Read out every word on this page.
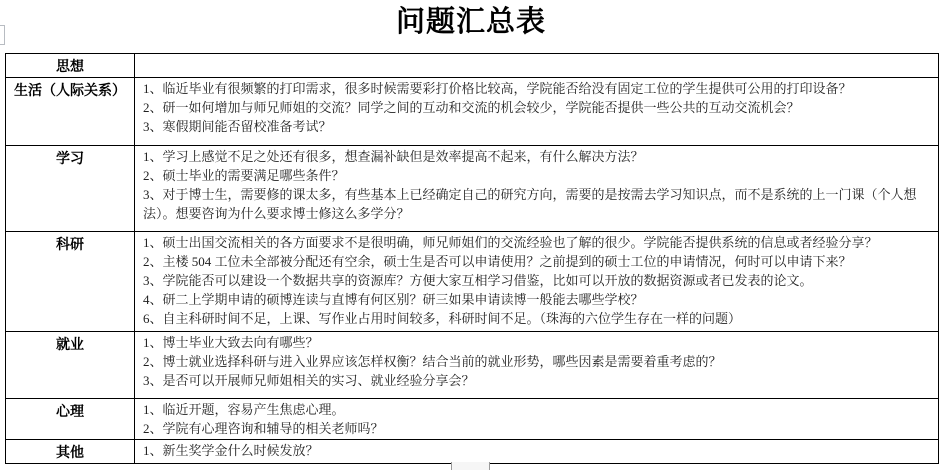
问题汇总表
思想	
生活（人际关系）	1、临近毕业有很频繁的打印需求，很多时候需要彩打价格比较高，学院能否给没有固定工位的学生提供可公用的打印设备？
2、研一如何增加与师兄师姐的交流？同学之间的互动和交流的机会较少，学院能否提供一些公共的互动交流机会？
3、寒假期间能否留校准备考试？

学习	1、学习上感觉不足之处还有很多，想查漏补缺但是效率提高不起来，有什么解决方法？
2、硕士毕业的需要满足哪些条件？
3、对于博士生，需要修的课太多，有些基本上已经确定自己的研究方向，需要的是按需去学习知识点，而不是系统的上一门课（个人想法）。想要咨询为什么要求博士修这么多学分？

科研	1、硕士出国交流相关的各方面要求不是很明确，师兄师姐们的交流经验也了解的很少。学院能否提供系统的信息或者经验分享？
2、主楼 504 工位未全部被分配还有空余，硕士生是否可以申请使用？之前提到的硕士工位的申请情况，何时可以申请下来？
3、学院能否可以建设一个数据共享的资源库？方便大家互相学习借鉴，比如可以开放的数据资源或者已发表的论文。
4、研二上学期申请的硕博连读与直博有何区别？研三如果申请读博一般能去哪些学校？
6、自主科研时间不足，上课、写作业占用时间较多，科研时间不足。（珠海的六位学生存在一样的问题）

就业	1、博士毕业大致去向有哪些？
2、博士就业选择科研与进入业界应该怎样权衡？结合当前的就业形势，哪些因素是需要着重考虑的？
3、是否可以开展师兄师姐相关的实习、就业经验分享会？

心理	1、临近开题，容易产生焦虑心理。
2、学院有心理咨询和辅导的相关老师吗？

其他	1、新生奖学金什么时候发放？
